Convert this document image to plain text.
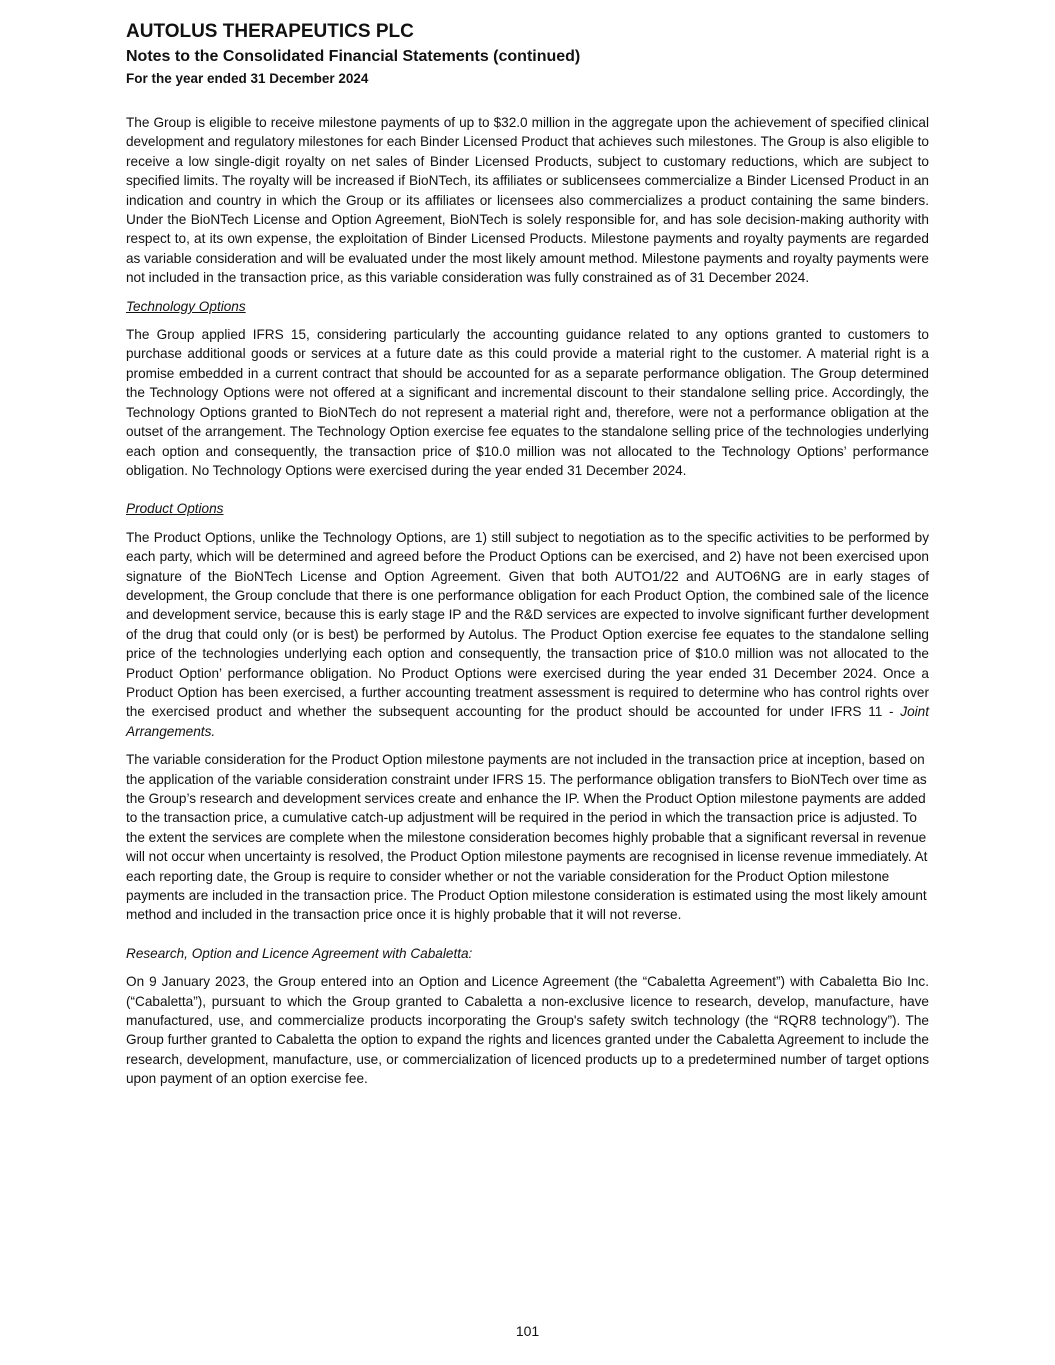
AUTOLUS THERAPEUTICS PLC
Notes to the Consolidated Financial Statements (continued)
For the year ended 31 December 2024

The Group is eligible to receive milestone payments of up to $32.0 million in the aggregate upon the achievement of specified clinical development and regulatory milestones for each Binder Licensed Product that achieves such milestones. The Group is also eligible to receive a low single-digit royalty on net sales of Binder Licensed Products, subject to customary reductions, which are subject to specified limits. The royalty will be increased if BioNTech, its affiliates or sublicensees commercialize a Binder Licensed Product in an indication and country in which the Group or its affiliates or licensees also commercializes a product containing the same binders. Under the BioNTech License and Option Agreement, BioNTech is solely responsible for, and has sole decision-making authority with respect to, at its own expense, the exploitation of Binder Licensed Products. Milestone payments and royalty payments are regarded as variable consideration and will be evaluated under the most likely amount method. Milestone payments and royalty payments were not included in the transaction price, as this variable consideration was fully constrained as of 31 December 2024.

Technology Options

The Group applied IFRS 15, considering particularly the accounting guidance related to any options granted to customers to purchase additional goods or services at a future date as this could provide a material right to the customer. A material right is a promise embedded in a current contract that should be accounted for as a separate performance obligation. The Group determined the Technology Options were not offered at a significant and incremental discount to their standalone selling price. Accordingly, the Technology Options granted to BioNTech do not represent a material right and, therefore, were not a performance obligation at the outset of the arrangement. The Technology Option exercise fee equates to the standalone selling price of the technologies underlying each option and consequently, the transaction price of $10.0 million was not allocated to the Technology Options’ performance obligation. No Technology Options were exercised during the year ended 31 December 2024.

Product Options

The Product Options, unlike the Technology Options, are 1) still subject to negotiation as to the specific activities to be performed by each party, which will be determined and agreed before the Product Options can be exercised, and 2) have not been exercised upon signature of the BioNTech License and Option Agreement. Given that both AUTO1/22 and AUTO6NG are in early stages of development, the Group conclude that there is one performance obligation for each Product Option, the combined sale of the licence and development service, because this is early stage IP and the R&D services are expected to involve significant further development of the drug that could only (or is best) be performed by Autolus. The Product Option exercise fee equates to the standalone selling price of the technologies underlying each option and consequently, the transaction price of $10.0 million was not allocated to the Product Option’ performance obligation. No Product Options were exercised during the year ended 31 December 2024. Once a Product Option has been exercised, a further accounting treatment assessment is required to determine who has control rights over the exercised product and whether the subsequent accounting for the product should be accounted for under IFRS 11 - Joint Arrangements.

The variable consideration for the Product Option milestone payments are not included in the transaction price at inception, based on the application of the variable consideration constraint under IFRS 15. The performance obligation transfers to BioNTech over time as the Group’s research and development services create and enhance the IP. When the Product Option milestone payments are added to the transaction price, a cumulative catch-up adjustment will be required in the period in which the transaction price is adjusted. To the extent the services are complete when the milestone consideration becomes highly probable that a significant reversal in revenue will not occur when uncertainty is resolved, the Product Option milestone payments are recognised in license revenue immediately. At each reporting date, the Group is require to consider whether or not the variable consideration for the Product Option milestone payments are included in the transaction price. The Product Option milestone consideration is estimated using the most likely amount method and included in the transaction price once it is highly probable that it will not reverse.

Research, Option and Licence Agreement with Cabaletta:

On 9 January 2023, the Group entered into an Option and Licence Agreement (the “Cabaletta Agreement”) with Cabaletta Bio Inc. (“Cabaletta”), pursuant to which the Group granted to Cabaletta a non-exclusive licence to research, develop, manufacture, have manufactured, use, and commercialize products incorporating the Group's safety switch technology (the “RQR8 technology”). The Group further granted to Cabaletta the option to expand the rights and licences granted under the Cabaletta Agreement to include the research, development, manufacture, use, or commercialization of licenced products up to a predetermined number of target options upon payment of an option exercise fee.

101
